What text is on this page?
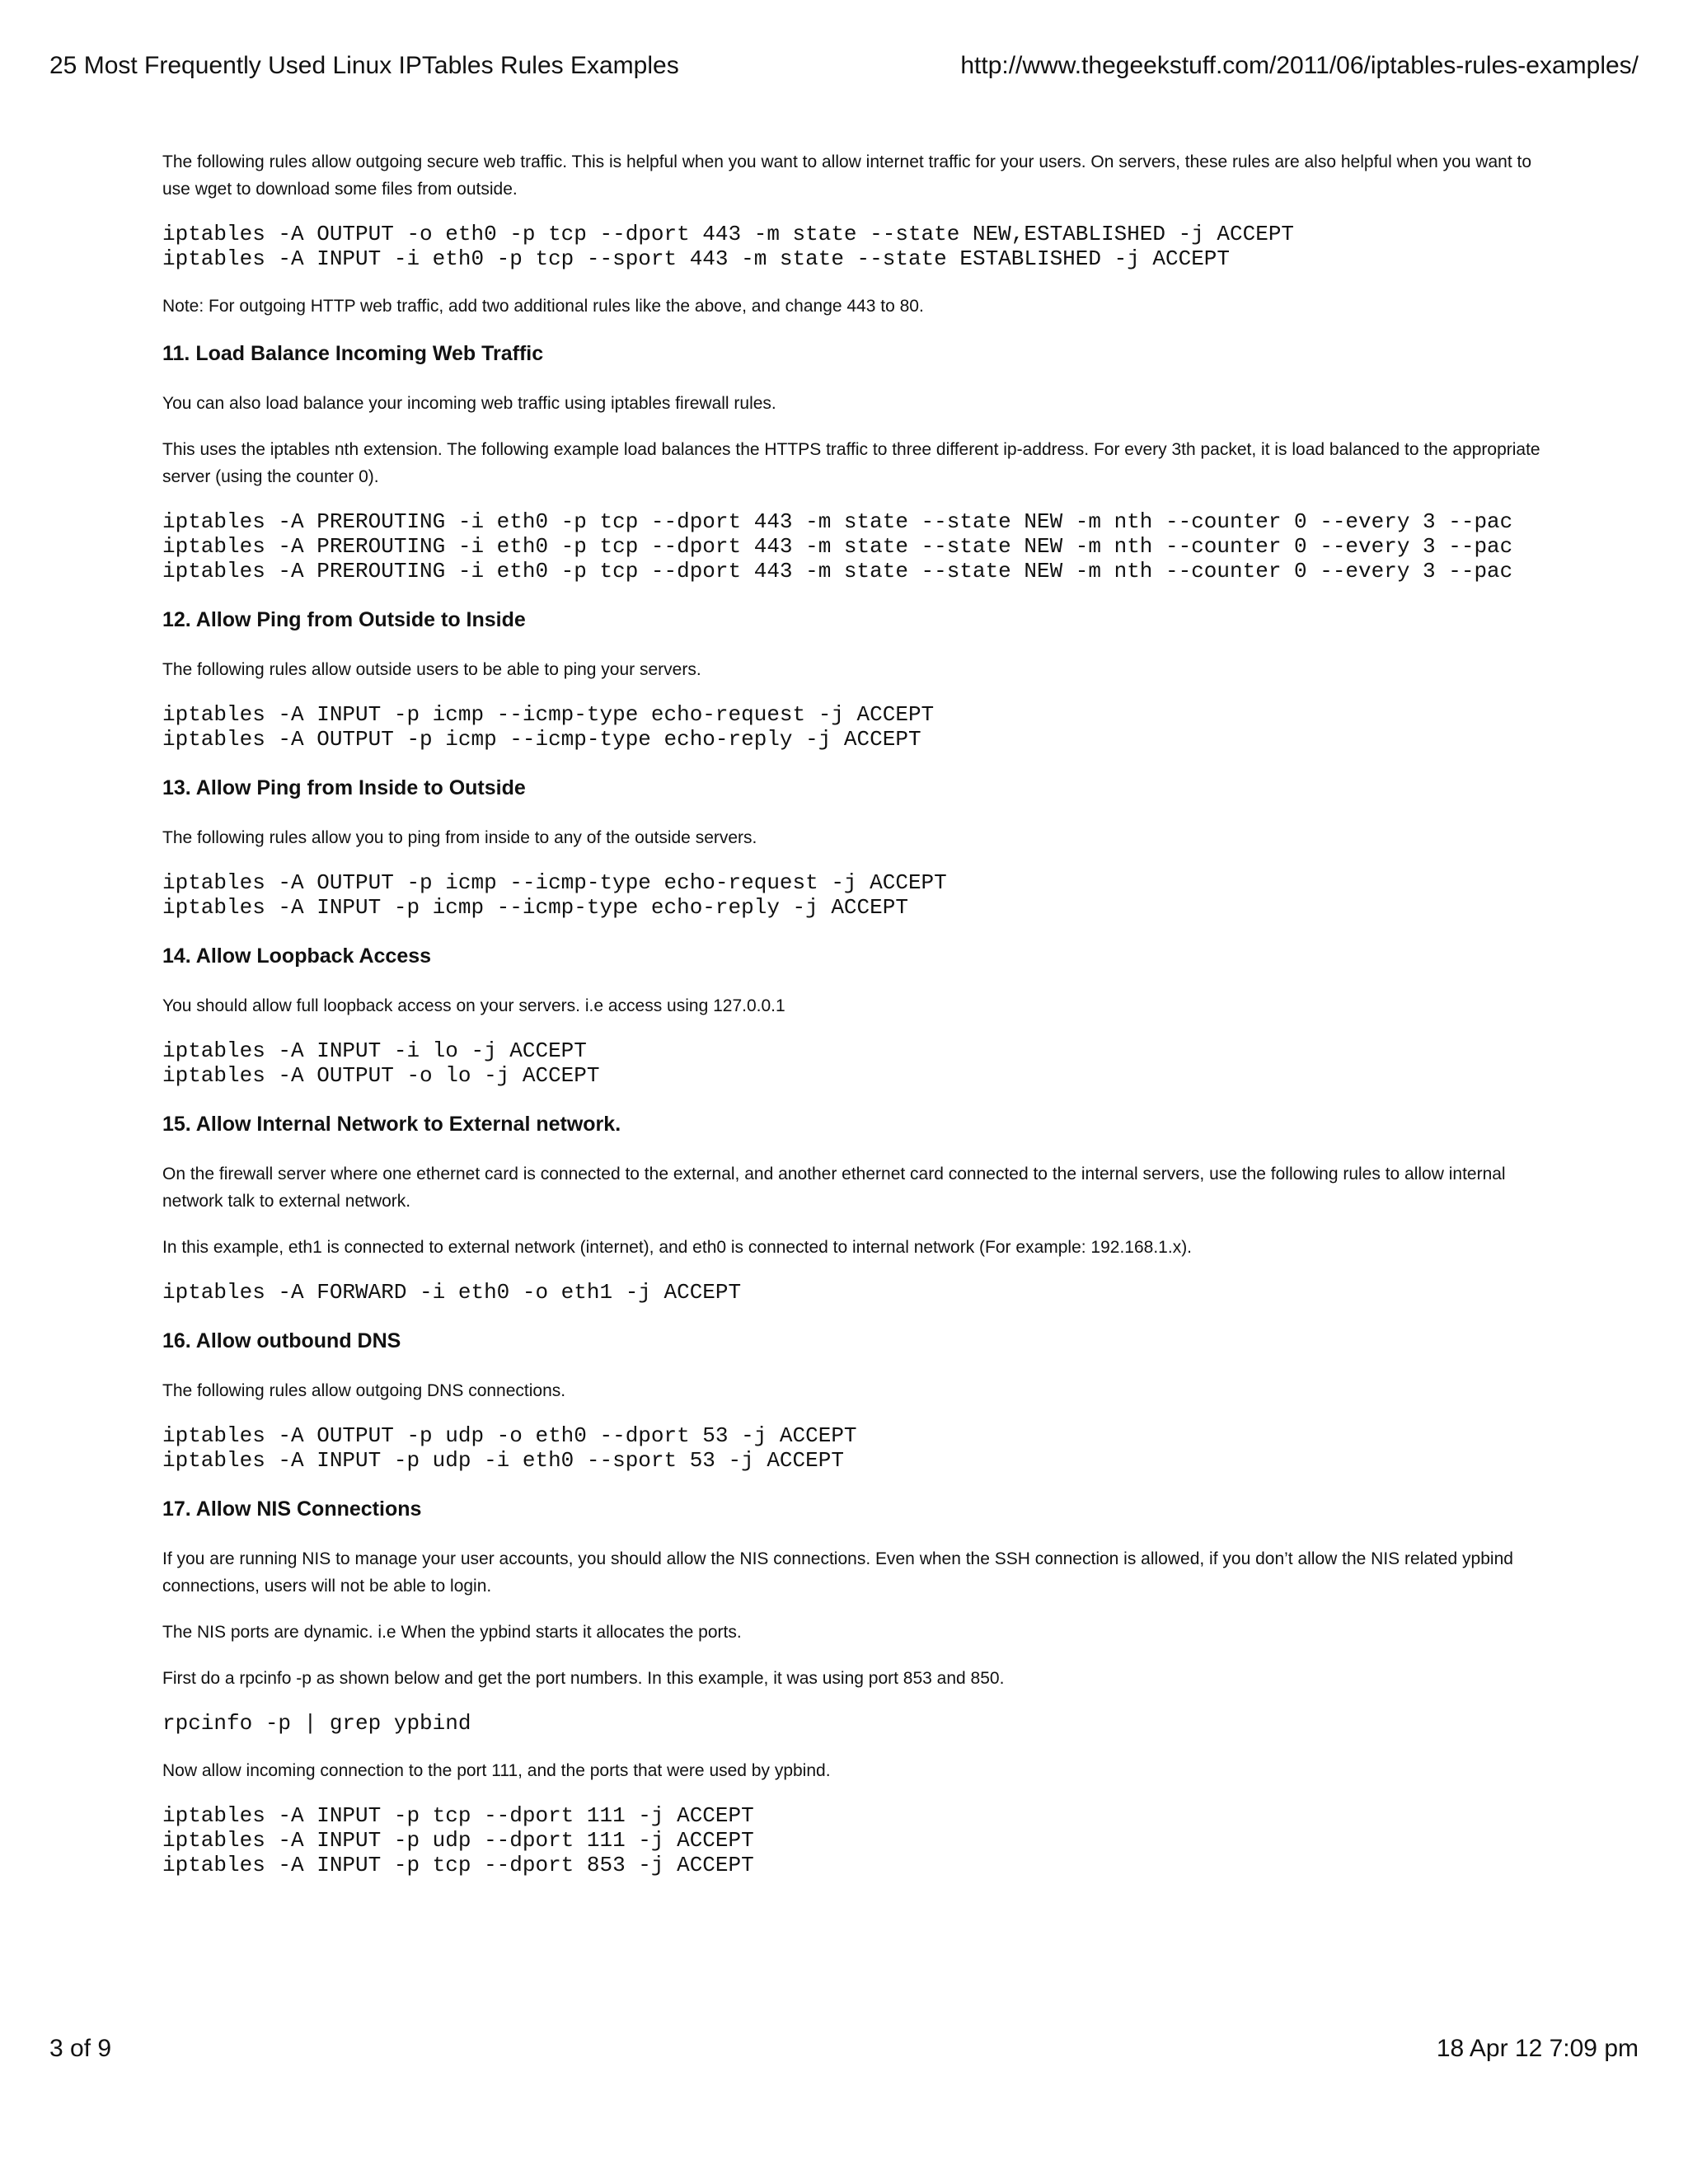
25 Most Frequently Used Linux IPTables Rules Examples	http://www.thegeekstuff.com/2011/06/iptables-rules-examples/

The following rules allow outgoing secure web traffic. This is helpful when you want to allow internet traffic for your users. On servers, these rules are also helpful when you want to use wget to download some files from outside.

iptables -A OUTPUT -o eth0 -p tcp --dport 443 -m state --state NEW,ESTABLISHED -j ACCEPT
iptables -A INPUT -i eth0 -p tcp --sport 443 -m state --state ESTABLISHED -j ACCEPT

Note: For outgoing HTTP web traffic, add two additional rules like the above, and change 443 to 80.

11. Load Balance Incoming Web Traffic

You can also load balance your incoming web traffic using iptables firewall rules.

This uses the iptables nth extension. The following example load balances the HTTPS traffic to three different ip-address. For every 3th packet, it is load balanced to the appropriate server (using the counter 0).

iptables -A PREROUTING -i eth0 -p tcp --dport 443 -m state --state NEW -m nth --counter 0 --every 3 --pac
iptables -A PREROUTING -i eth0 -p tcp --dport 443 -m state --state NEW -m nth --counter 0 --every 3 --pac
iptables -A PREROUTING -i eth0 -p tcp --dport 443 -m state --state NEW -m nth --counter 0 --every 3 --pac
12. Allow Ping from Outside to Inside

The following rules allow outside users to be able to ping your servers.

iptables -A INPUT -p icmp --icmp-type echo-request -j ACCEPT
iptables -A OUTPUT -p icmp --icmp-type echo-reply -j ACCEPT
13. Allow Ping from Inside to Outside

The following rules allow you to ping from inside to any of the outside servers.

iptables -A OUTPUT -p icmp --icmp-type echo-request -j ACCEPT
iptables -A INPUT -p icmp --icmp-type echo-reply -j ACCEPT
14. Allow Loopback Access

You should allow full loopback access on your servers. i.e access using 127.0.0.1

iptables -A INPUT -i lo -j ACCEPT
iptables -A OUTPUT -o lo -j ACCEPT
15. Allow Internal Network to External network.

On the firewall server where one ethernet card is connected to the external, and another ethernet card connected to the internal servers, use the following rules to allow internal network talk to external network.

In this example, eth1 is connected to external network (internet), and eth0 is connected to internal network (For example: 192.168.1.x).

iptables -A FORWARD -i eth0 -o eth1 -j ACCEPT
16. Allow outbound DNS

The following rules allow outgoing DNS connections.

iptables -A OUTPUT -p udp -o eth0 --dport 53 -j ACCEPT
iptables -A INPUT -p udp -i eth0 --sport 53 -j ACCEPT
17. Allow NIS Connections

If you are running NIS to manage your user accounts, you should allow the NIS connections. Even when the SSH connection is allowed, if you don’t allow the NIS related ypbind connections, users will not be able to login.

The NIS ports are dynamic. i.e When the ypbind starts it allocates the ports.

First do a rpcinfo -p as shown below and get the port numbers. In this example, it was using port 853 and 850.

rpcinfo -p | grep ypbind

Now allow incoming connection to the port 111, and the ports that were used by ypbind.

iptables -A INPUT -p tcp --dport 111 -j ACCEPT
iptables -A INPUT -p udp --dport 111 -j ACCEPT
iptables -A INPUT -p tcp --dport 853 -j ACCEPT
3 of 9	18 Apr 12 7:09 pm
